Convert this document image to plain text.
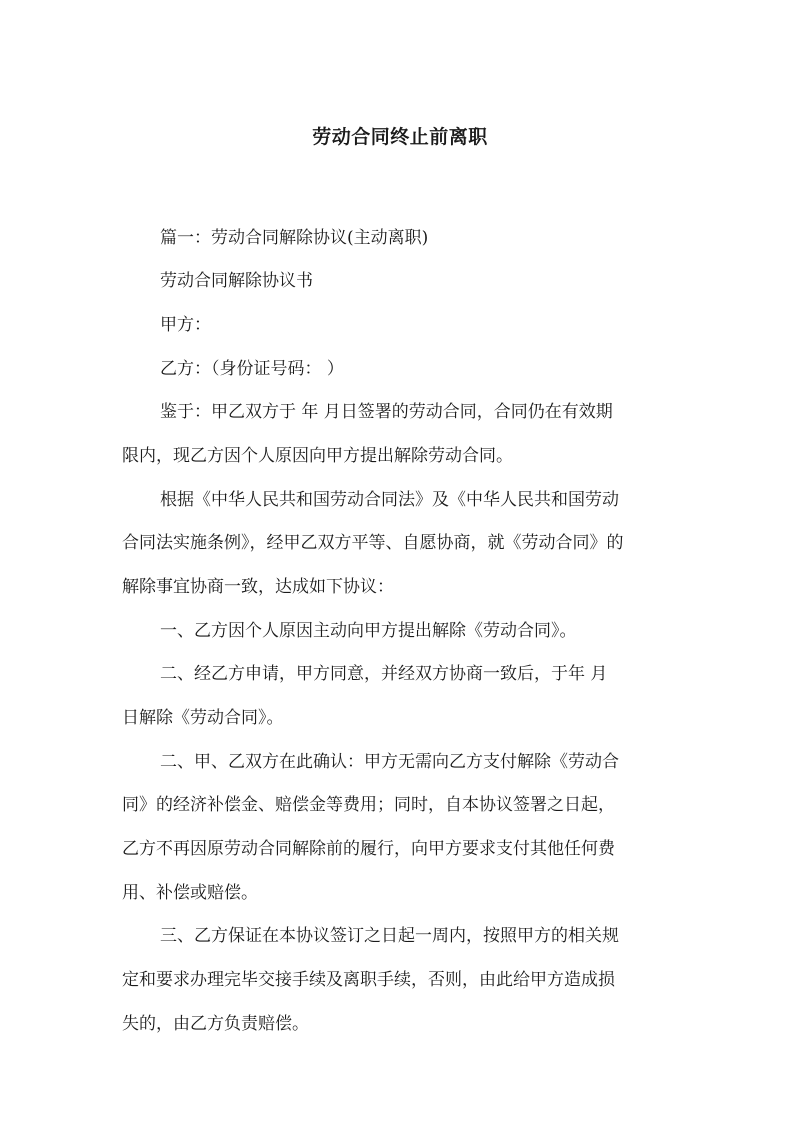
劳动合同终止前离职
篇一：劳动合同解除协议(主动离职)
劳动合同解除协议书
甲方：
乙方：（身份证号码： ）
鉴于：甲乙双方于 年 月日签署的劳动合同，合同仍在有效期
限内，现乙方因个人原因向甲方提出解除劳动合同。
根据《中华人民共和国劳动合同法》及《中华人民共和国劳动
合同法实施条例》，经甲乙双方平等、自愿协商，就《劳动合同》的
解除事宜协商一致，达成如下协议：
一、乙方因个人原因主动向甲方提出解除《劳动合同》。
二、经乙方申请，甲方同意，并经双方协商一致后，于年 月
日解除《劳动合同》。
二、甲、乙双方在此确认：甲方无需向乙方支付解除《劳动合
同》的经济补偿金、赔偿金等费用；同时，自本协议签署之日起，
乙方不再因原劳动合同解除前的履行，向甲方要求支付其他任何费
用、补偿或赔偿。
三、乙方保证在本协议签订之日起一周内，按照甲方的相关规
定和要求办理完毕交接手续及离职手续，否则，由此给甲方造成损
失的，由乙方负责赔偿。
